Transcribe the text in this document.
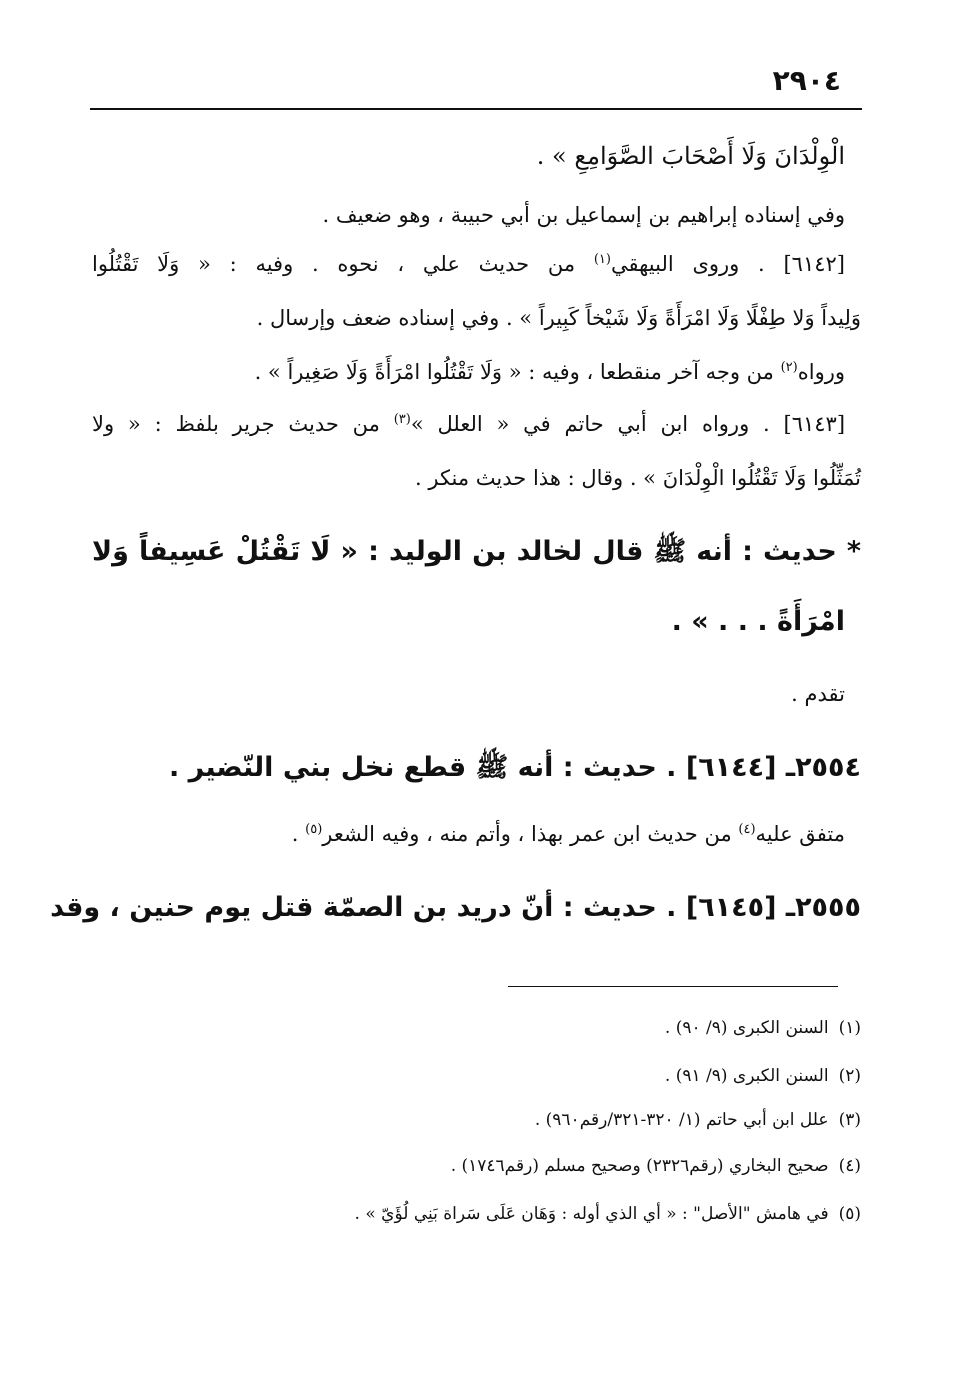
٢٩٠٤
الْوِلْدَانَ وَلَا أَصْحَابَ الصَّوَامِعِ » .
وفي إسناده إبراهيم بن إسماعيل بن أبي حبيبة ، وهو ضعيف .
[٦١٤٢] . وروى البيهقي$^{(١)}$ من حديث علي ، نحوه . وفيه : « وَلَا تَقْتُلُوا
وَلِيداً وَلا طِفْلًا وَلَا امْرَأَةً وَلَا شَيْخاً كَبِيراً » . وفي إسناده ضعف وإرسال .
ورواه$^{(٢)}$ من وجه آخر منقطعا ، وفيه : « وَلَا تَقْتُلُوا امْرَأَةً وَلَا صَغِيراً » .
[٦١٤٣] . ورواه ابن أبي حاتم في « العلل »$^{(٣)}$ من حديث جرير بلفظ : « ولا
تُمَثِّلُوا وَلَا تَقْتُلُوا الْوِلْدَانَ » . وقال : هذا حديث منكر .
* حديث : أنه ﷺ قال لخالد بن الوليد : « لَا تَقْتُلْ عَسِيفاً وَلا
امْرَأَةً . . . » .
تقدم .
٢٥٥٤ـ [٦١٤٤] . حديث : أنه ﷺ قطع نخل بني النّضير .
متفق عليه$^{(٤)}$ من حديث ابن عمر بهذا ، وأتم منه ، وفيه الشعر$^{(٥)}$ .
٢٥٥٥ـ [٦١٤٥] . حديث : أنّ دريد بن الصمّة قتل يوم حنين ، وقد
(١)السنن الكبرى (٩/ ٩٠) .
(٢)السنن الكبرى (٩/ ٩١) .
(٣)علل ابن أبي حاتم (١/ ٣٢٠-٣٢١/رقم٩٦٠) .
(٤)صحيح البخاري (رقم٢٣٢٦) وصحيح مسلم (رقم١٧٤٦) .
(٥)في هامش "الأصل" : « أي الذي أوله : وَهَان عَلَى سَراة بَنِي لُؤَيّ » .
